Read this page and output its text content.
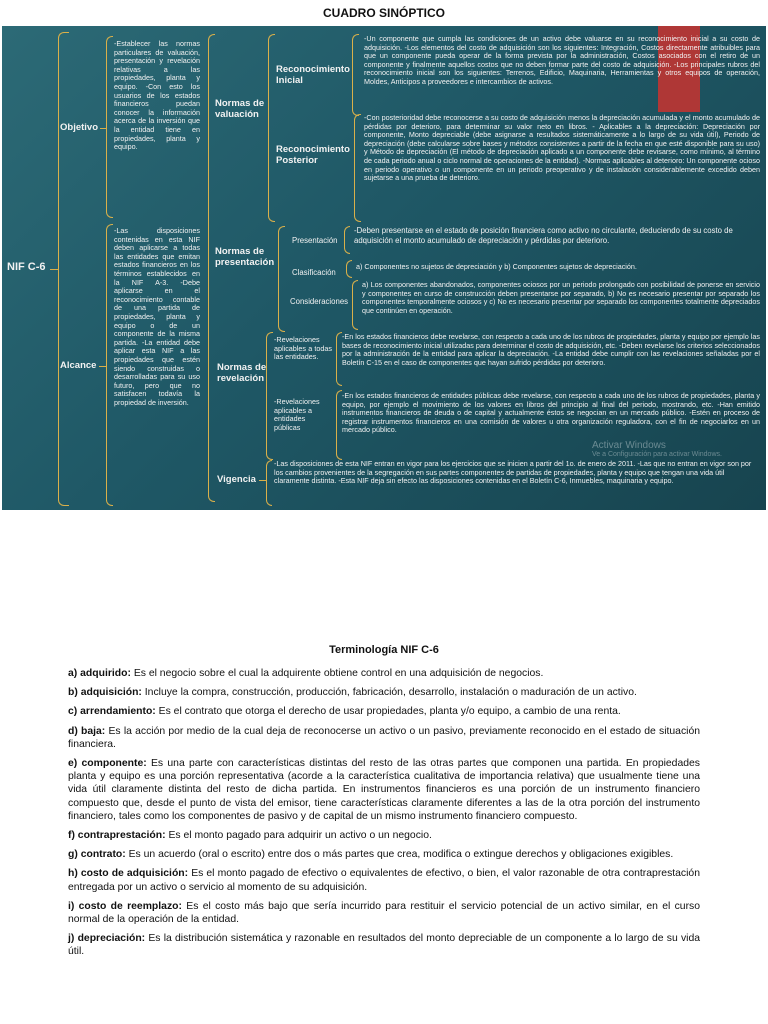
CUADRO SINÓPTICO
NIF C-6
Objetivo
-Establecer las normas particulares de valuación, presentación y revelación relativas a las propiedades, planta y equipo. -Con esto los usuarios de los estados financieros puedan conocer la información acerca de la inversión que la entidad tiene en propiedades, planta y equipo.
Alcance
-Las disposiciones contenidas en esta NIF deben aplicarse a todas las entidades que emitan estados financieros en los términos establecidos en la NIF A-3. -Debe aplicarse en el reconocimiento contable de una partida de propiedades, planta y equipo o de un componente de la misma partida. -La entidad debe aplicar esta NIF a las propiedades que estén siendo construidas o desarrolladas para su uso futuro, pero que no satisfacen todavía la propiedad de inversión.
Normas de valuación
Reconocimiento Inicial
-Un componente que cumpla las condiciones de un activo debe valuarse en su reconocimiento inicial a su costo de adquisición. -Los elementos del costo de adquisición son los siguientes: Integración, Costos directamente atribuibles para que un componente pueda operar de la forma prevista por la administración, Costos asociados con el retiro de un componente y finalmente aquellos costos que no deben formar parte del costo de adquisición. -Los principales rubros del reconocimiento inicial son los siguientes: Terrenos, Edificio, Maquinaria, Herramientas y otros equipos de operación, Moldes, Anticipos a proveedores e intercambios de activos.
Reconocimiento Posterior
-Con posterioridad debe reconocerse a su costo de adquisición menos la depreciación acumulada y el monto acumulado de pérdidas por deterioro, para determinar su valor neto en libros. - Aplicables a la depreciación: Depreciación por componente, Monto depreciable (debe asignarse a resultados sistemáticamente a lo largo de su vida útil), Periodo de depreciación (debe calcularse sobre bases y métodos consistentes a partir de la fecha en que esté disponible para su uso) y Método de depreciación (El método de depreciación aplicado a un componente debe revisarse, como mínimo, al término de cada periodo anual o ciclo normal de operaciones de la entidad). -Normas aplicables al deterioro: Un componente ocioso en periodo operativo o un componente en un periodo preoperativo y de instalación considerablemente excedido deben sujetarse a una prueba de deterioro.
Normas de presentación
Presentación
-Deben presentarse en el estado de posición financiera como activo no circulante, deduciendo de su costo de adquisición el monto acumulado de depreciación y pérdidas por deterioro.
Clasificación
a) Componentes no sujetos de depreciación y b) Componentes sujetos de depreciación.
Consideraciones
a) Los componentes abandonados, componentes ociosos por un periodo prolongado con posibilidad de ponerse en servicio y componentes en curso de construcción deben presentarse por separado, b) No es necesario presentar por separado los componentes temporalmente ociosos y c) No es necesario presentar por separado los componentes totalmente depreciados que continúen en operación.
Normas de revelación
-Revelaciones aplicables a todas las entidades.
-En los estados financieros debe revelarse, con respecto a cada uno de los rubros de propiedades, planta y equipo por ejemplo las bases de reconocimiento inicial utilizadas para determinar el costo de adquisición, etc. -Deben revelarse los criterios seleccionados por la administración de la entidad para aplicar la depreciación. -La entidad debe cumplir con las revelaciones señaladas por el Boletín C-15 en el caso de componentes que hayan sufrido pérdidas por deterioro.
-Revelaciones aplicables a entidades públicas
-En los estados financieros de entidades públicas debe revelarse, con respecto a cada uno de los rubros de propiedades, planta y equipo, por ejemplo el movimiento de los valores en libros del principio al final del periodo, mostrando, etc. -Han emitido instrumentos financieros de deuda o de capital y actualmente éstos se negocian en un mercado público. -Estén en proceso de registrar instrumentos financieros en una comisión de valores u otra organización reguladora, con el fin de negociarlos en un mercado público.
Vigencia
-Las disposiciones de esta NIF entran en vigor para los ejercicios que se inicien a partir del 1o. de enero de 2011. -Las que no entran en vigor son por los cambios provenientes de la segregación en sus partes componentes de partidas de propiedades, planta y equipo que tengan una vida útil claramente distinta. -Esta NIF deja sin efecto las disposiciones contenidas en el Boletín C-6, Inmuebles, maquinaria y equipo.
Activar Windows
Ve a Configuración para activar Windows.
Terminología NIF C-6

a) adquirido: Es el negocio sobre el cual la adquirente obtiene control en una adquisición de negocios.

b) adquisición: Incluye la compra, construcción, producción, fabricación, desarrollo, instalación o maduración de un activo.

c) arrendamiento: Es el contrato que otorga el derecho de usar propiedades, planta y/o equipo, a cambio de una renta.

d) baja: Es la acción por medio de la cual deja de reconocerse un activo o un pasivo, previamente reconocido en el estado de situación financiera.

e) componente: Es una parte con características distintas del resto de las otras partes que componen una partida. En propiedades planta y equipo es una porción representativa (acorde a la característica cualitativa de importancia relativa) que usualmente tiene una vida útil claramente distinta del resto de dicha partida. En instrumentos financieros es una porción de un instrumento financiero compuesto que, desde el punto de vista del emisor, tiene características claramente diferentes a las de la otra porción del instrumento financiero, tales como los componentes de pasivo y de capital de un mismo instrumento financiero compuesto.

f) contraprestación: Es el monto pagado para adquirir un activo o un negocio.

g) contrato: Es un acuerdo (oral o escrito) entre dos o más partes que crea, modifica o extingue derechos y obligaciones exigibles.

h) costo de adquisición: Es el monto pagado de efectivo o equivalentes de efectivo, o bien, el valor razonable de otra contraprestación entregada por un activo o servicio al momento de su adquisición.

i) costo de reemplazo: Es el costo más bajo que sería incurrido para restituir el servicio potencial de un activo similar, en el curso normal de la operación de la entidad.

j) depreciación: Es la distribución sistemática y razonable en resultados del monto depreciable de un componente a lo largo de su vida útil.
